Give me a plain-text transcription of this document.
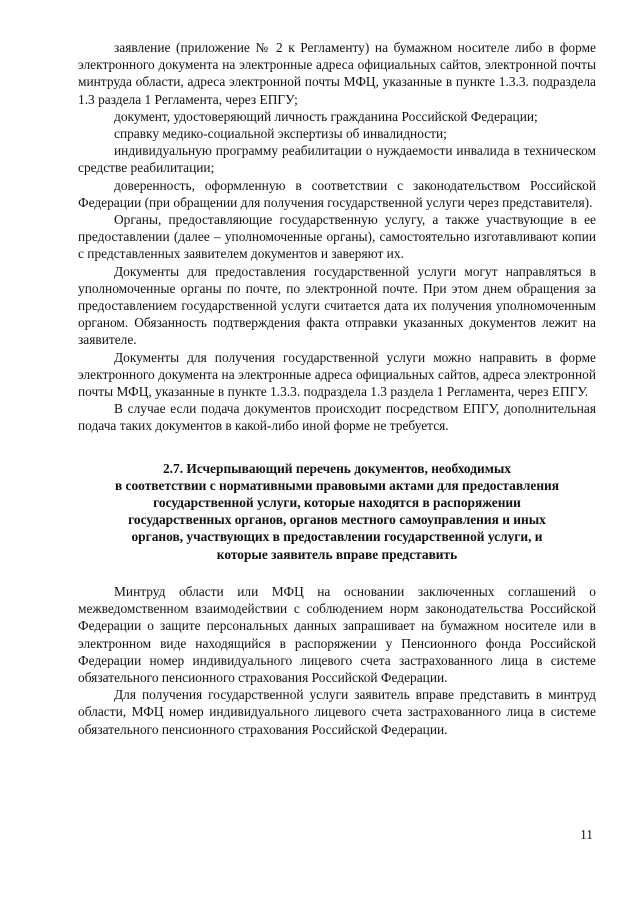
заявление (приложение № 2 к Регламенту) на бумажном носителе либо в форме электронного документа на электронные адреса официальных сайтов, электронной почты минтруда области, адреса электронной почты МФЦ, указанные в пункте 1.3.3. подраздела 1.3 раздела 1 Регламента, через ЕПГУ;

документ, удостоверяющий личность гражданина Российской Федерации;

справку медико-социальной экспертизы об инвалидности;

индивидуальную программу реабилитации о нуждаемости инвалида в техническом средстве реабилитации;

доверенность, оформленную в соответствии с законодательством Российской Федерации (при обращении для получения государственной услуги через представителя).

Органы, предоставляющие государственную услугу, а также участвующие в ее предоставлении (далее – уполномоченные органы), самостоятельно изготавливают копии с представленных заявителем документов и заверяют их.

Документы для предоставления государственной услуги могут направляться в уполномоченные органы по почте, по электронной почте. При этом днем обращения за предоставлением государственной услуги считается дата их получения уполномоченным органом. Обязанность подтверждения факта отправки указанных документов лежит на заявителе.

Документы для получения государственной услуги можно направить в форме электронного документа на электронные адреса официальных сайтов, адреса электронной почты МФЦ, указанные в пункте 1.3.3. подраздела 1.3 раздела 1 Регламента, через ЕПГУ.

В случае если подача документов происходит посредством ЕПГУ, дополнительная подача таких документов в какой-либо иной форме не требуется.

2.7. Исчерпывающий перечень документов, необходимых
в соответствии с нормативными правовыми актами для предоставления
государственной услуги, которые находятся в распоряжении
государственных органов, органов местного самоуправления и иных
органов, участвующих в предоставлении государственной услуги, и
которые заявитель вправе представить

Минтруд области или МФЦ на основании заключенных соглашений о межведомственном взаимодействии с соблюдением норм законодательства Российской Федерации о защите персональных данных запрашивает на бумажном носителе или в электронном виде находящийся в распоряжении у Пенсионного фонда Российской Федерации номер индивидуального лицевого счета застрахованного лица в системе обязательного пенсионного страхования Российской Федерации.

Для получения государственной услуги заявитель вправе представить в минтруд области, МФЦ номер индивидуального лицевого счета застрахованного лица в системе обязательного пенсионного страхования Российской Федерации.

11
